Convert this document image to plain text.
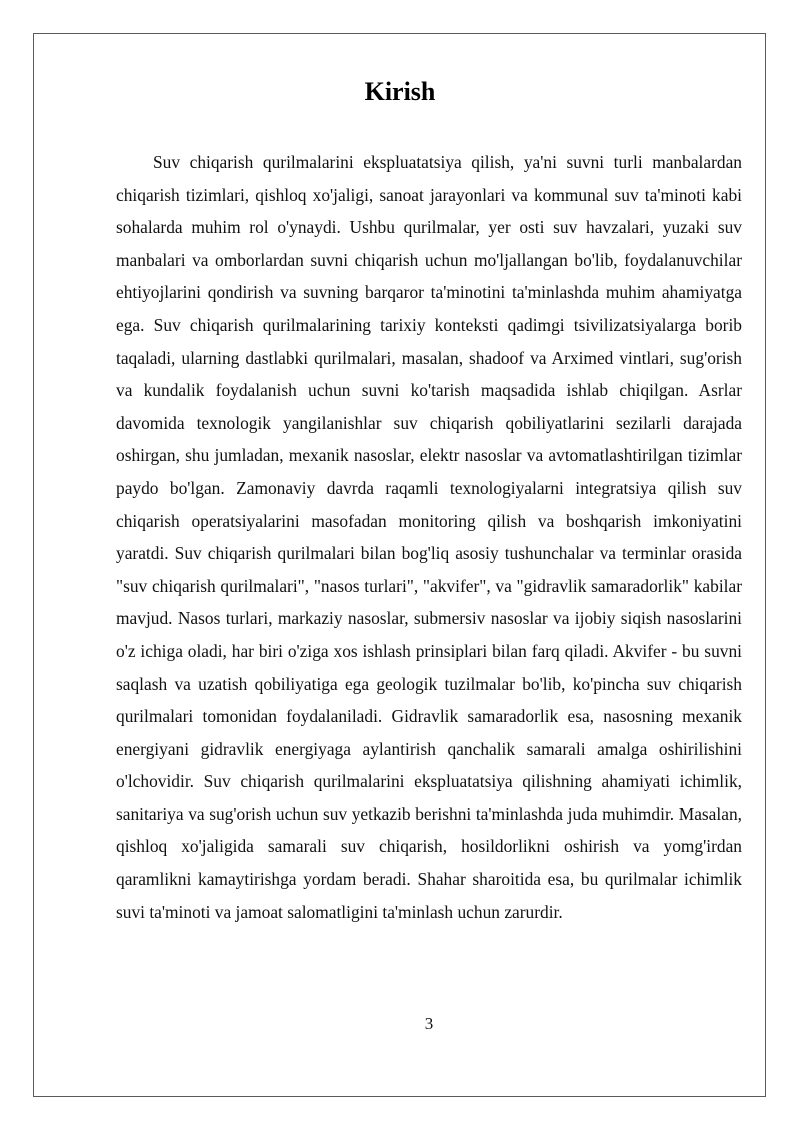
Kirish

Suv chiqarish qurilmalarini ekspluatatsiya qilish, ya'ni suvni turli manbalardan chiqarish tizimlari, qishloq xo'jaligi, sanoat jarayonlari va kommunal suv ta'minoti kabi sohalarda muhim rol o'ynaydi. Ushbu qurilmalar, yer osti suv havzalari, yuzaki suv manbalari va omborlardan suvni chiqarish uchun mo'ljallangan bo'lib, foydalanuvchilar ehtiyojlarini qondirish va suvning barqaror ta'minotini ta'minlashda muhim ahamiyatga ega. Suv chiqarish qurilmalarining tarixiy konteksti qadimgi tsivilizatsiyalarga borib taqaladi, ularning dastlabki qurilmalari, masalan, shadoof va Arximed vintlari, sug'orish va kundalik foydalanish uchun suvni ko'tarish maqsadida ishlab chiqilgan. Asrlar davomida texnologik yangilanishlar suv chiqarish qobiliyatlarini sezilarli darajada oshirgan, shu jumladan, mexanik nasoslar, elektr nasoslar va avtomatlashtirilgan tizimlar paydo bo'lgan. Zamonaviy davrda raqamli texnologiyalarni integratsiya qilish suv chiqarish operatsiyalarini masofadan monitoring qilish va boshqarish imkoniyatini yaratdi. Suv chiqarish qurilmalari bilan bog'liq asosiy tushunchalar va terminlar orasida "suv chiqarish qurilmalari", "nasos turlari", "akvifer", va "gidravlik samaradorlik" kabilar mavjud. Nasos turlari, markaziy nasoslar, submersiv nasoslar va ijobiy siqish nasoslarini o'z ichiga oladi, har biri o'ziga xos ishlash prinsiplari bilan farq qiladi. Akvifer - bu suvni saqlash va uzatish qobiliyatiga ega geologik tuzilmalar bo'lib, ko'pincha suv chiqarish qurilmalari tomonidan foydalaniladi. Gidravlik samaradorlik esa, nasosning mexanik energiyani gidravlik energiyaga aylantirish qanchalik samarali amalga oshirilishini o'lchovidir. Suv chiqarish qurilmalarini ekspluatatsiya qilishning ahamiyati ichimlik, sanitariya va sug'orish uchun suv yetkazib berishni ta'minlashda juda muhimdir. Masalan, qishloq xo'jaligida samarali suv chiqarish, hosildorlikni oshirish va yomg'irdan qaramlikni kamaytirishga yordam beradi. Shahar sharoitida esa, bu qurilmalar ichimlik suvi ta'minoti va jamoat salomatligini ta'minlash uchun zarurdir.

3
